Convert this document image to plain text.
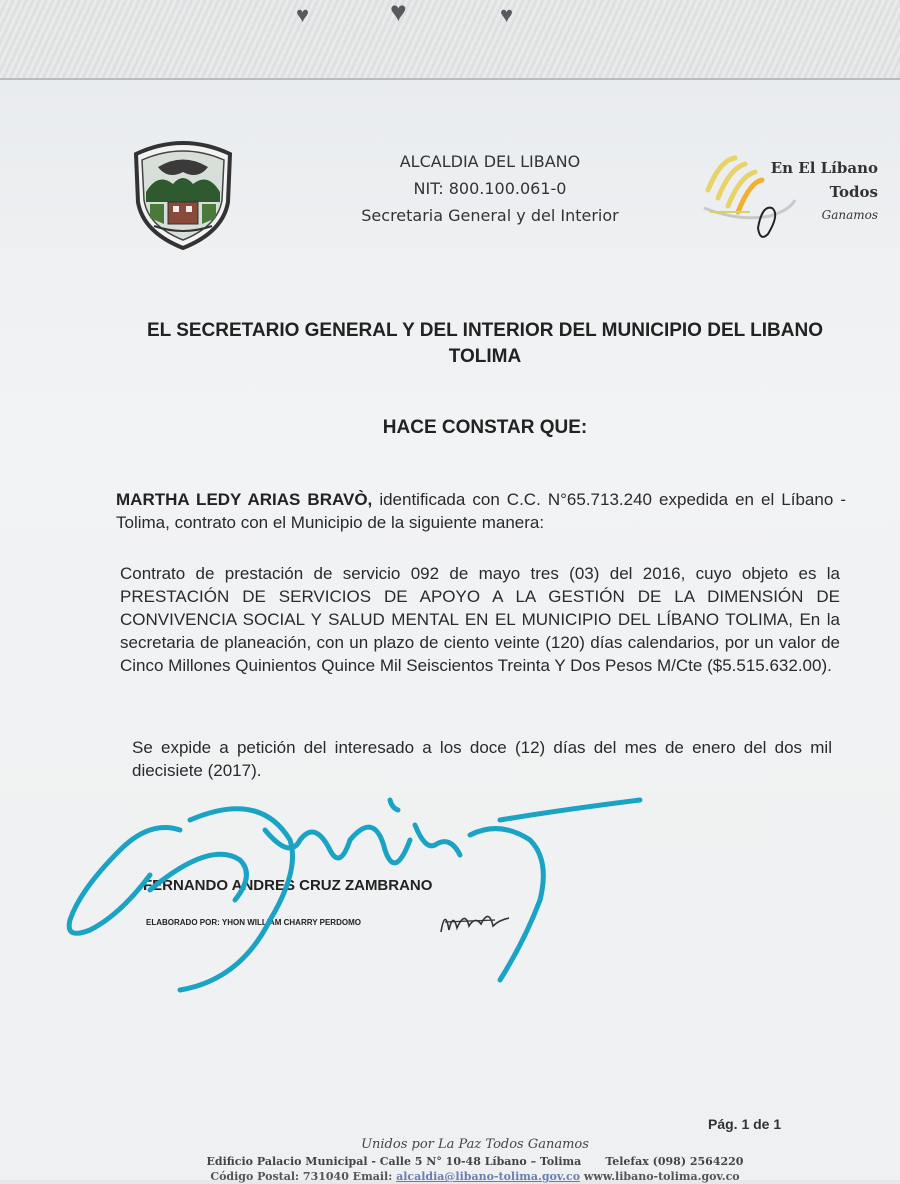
♥	♥	♥
ALCALDIA DEL LIBANO
NIT: 800.100.061-0
Secretaria General y del Interior
En El Líbano
Todos
Ganamos
EL SECRETARIO GENERAL Y DEL INTERIOR DEL MUNICIPIO DEL LIBANO
TOLIMA
HACE CONSTAR QUE:
MARTHA LEDY ARIAS BRAVÒ, identificada con C.C. N°65.713.240 expedida en el Líbano - Tolima, contrato con el Municipio de la siguiente manera:
Contrato de prestación de servicio 092 de mayo tres (03) del 2016, cuyo objeto es la PRESTACIÓN DE SERVICIOS DE APOYO A LA GESTIÓN DE LA DIMENSIÓN DE CONVIVENCIA SOCIAL Y SALUD MENTAL EN EL MUNICIPIO DEL LÍBANO TOLIMA, En la secretaria de planeación, con un plazo de ciento veinte (120) días calendarios, por un valor de Cinco Millones Quinientos Quince Mil Seiscientos Treinta Y Dos Pesos M/Cte ($5.515.632.00).
Se expide a petición del interesado a los doce (12) días del mes de enero del dos mil diecisiete (2017).
FERNANDO ANDRES CRUZ ZAMBRANO
ELABORADO POR: YHON WILLIAM CHARRY PERDOMO
Pág. 1 de 1
Unidos por La Paz Todos Ganamos
Edificio Palacio Municipal - Calle 5 N° 10-48 Líbano – Tolima Telefax (098) 2564220
Código Postal: 731040 Email: alcaldia@libano-tolima.gov.co www.libano-tolima.gov.co
